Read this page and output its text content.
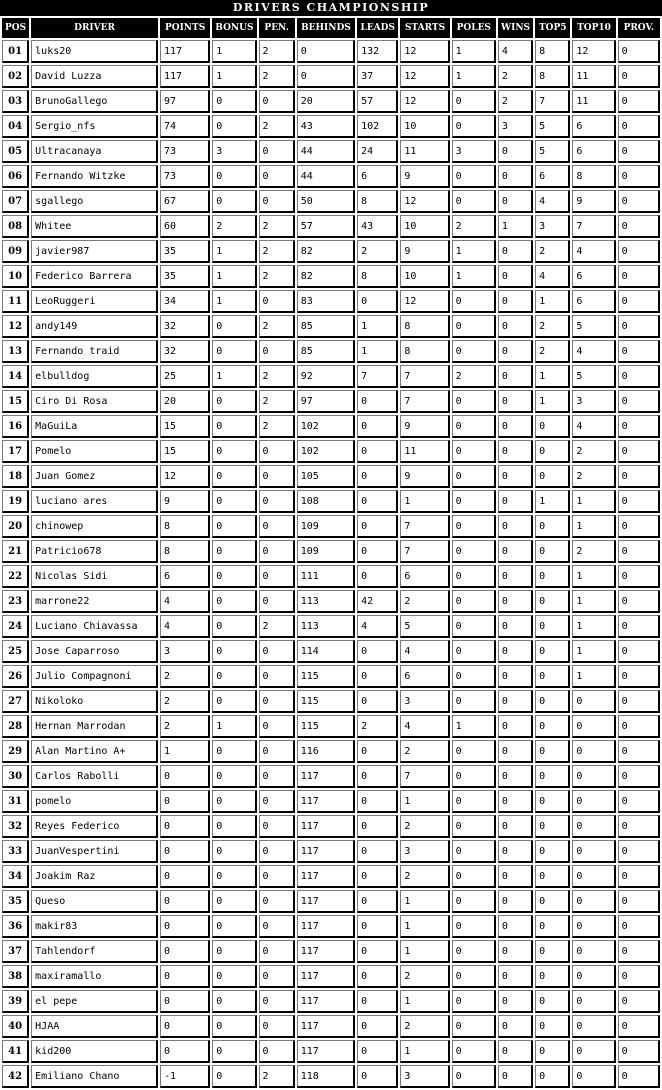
DRIVERS CHAMPIONSHIP
POS	DRIVER	POINTS	BONUS	PEN.	BEHINDS	LEADS	STARTS	POLES	WINS	TOP5	TOP10	PROV.
01	luks20	117	1	2	0	132	12	1	4	8	12	0
02	David Luzza	117	1	2	0	37	12	1	2	8	11	0
03	BrunoGallego	97	0	0	20	57	12	0	2	7	11	0
04	Sergio_nfs	74	0	2	43	102	10	0	3	5	6	0
05	Ultracanaya	73	3	0	44	24	11	3	0	5	6	0
06	Fernando Witzke	73	0	0	44	6	9	0	0	6	8	0
07	sgallego	67	0	0	50	8	12	0	0	4	9	0
08	Whitee	60	2	2	57	43	10	2	1	3	7	0
09	javier987	35	1	2	82	2	9	1	0	2	4	0
10	Federico Barrera	35	1	2	82	8	10	1	0	4	6	0
11	LeoRuggeri	34	1	0	83	0	12	0	0	1	6	0
12	andy149	32	0	2	85	1	8	0	0	2	5	0
13	Fernando traid	32	0	0	85	1	8	0	0	2	4	0
14	elbulldog	25	1	2	92	7	7	2	0	1	5	0
15	Ciro Di Rosa	20	0	2	97	0	7	0	0	1	3	0
16	MaGuiLa	15	0	2	102	0	9	0	0	0	4	0
17	Pomelo	15	0	0	102	0	11	0	0	0	2	0
18	Juan Gomez	12	0	0	105	0	9	0	0	0	2	0
19	luciano ares	9	0	0	108	0	1	0	0	1	1	0
20	chinowep	8	0	0	109	0	7	0	0	0	1	0
21	Patricio678	8	0	0	109	0	7	0	0	0	2	0
22	Nicolas Sidi	6	0	0	111	0	6	0	0	0	1	0
23	marrone22	4	0	0	113	42	2	0	0	0	1	0
24	Luciano Chiavassa	4	0	2	113	4	5	0	0	0	1	0
25	Jose Caparroso	3	0	0	114	0	4	0	0	0	1	0
26	Julio Compagnoni	2	0	0	115	0	6	0	0	0	1	0
27	Nikoloko	2	0	0	115	0	3	0	0	0	0	0
28	Hernan Marrodan	2	1	0	115	2	4	1	0	0	0	0
29	Alan Martino A+	1	0	0	116	0	2	0	0	0	0	0
30	Carlos Rabolli	0	0	0	117	0	7	0	0	0	0	0
31	pomelo	0	0	0	117	0	1	0	0	0	0	0
32	Reyes Federico	0	0	0	117	0	2	0	0	0	0	0
33	JuanVespertini	0	0	0	117	0	3	0	0	0	0	0
34	Joakim Raz	0	0	0	117	0	2	0	0	0	0	0
35	Queso	0	0	0	117	0	1	0	0	0	0	0
36	makir83	0	0	0	117	0	1	0	0	0	0	0
37	Tahlendorf	0	0	0	117	0	1	0	0	0	0	0
38	maxiramallo	0	0	0	117	0	2	0	0	0	0	0
39	el pepe	0	0	0	117	0	1	0	0	0	0	0
40	HJAA	0	0	0	117	0	2	0	0	0	0	0
41	kid200	0	0	0	117	0	1	0	0	0	0	0
42	Emiliano Chano	-1	0	2	118	0	3	0	0	0	0	0
